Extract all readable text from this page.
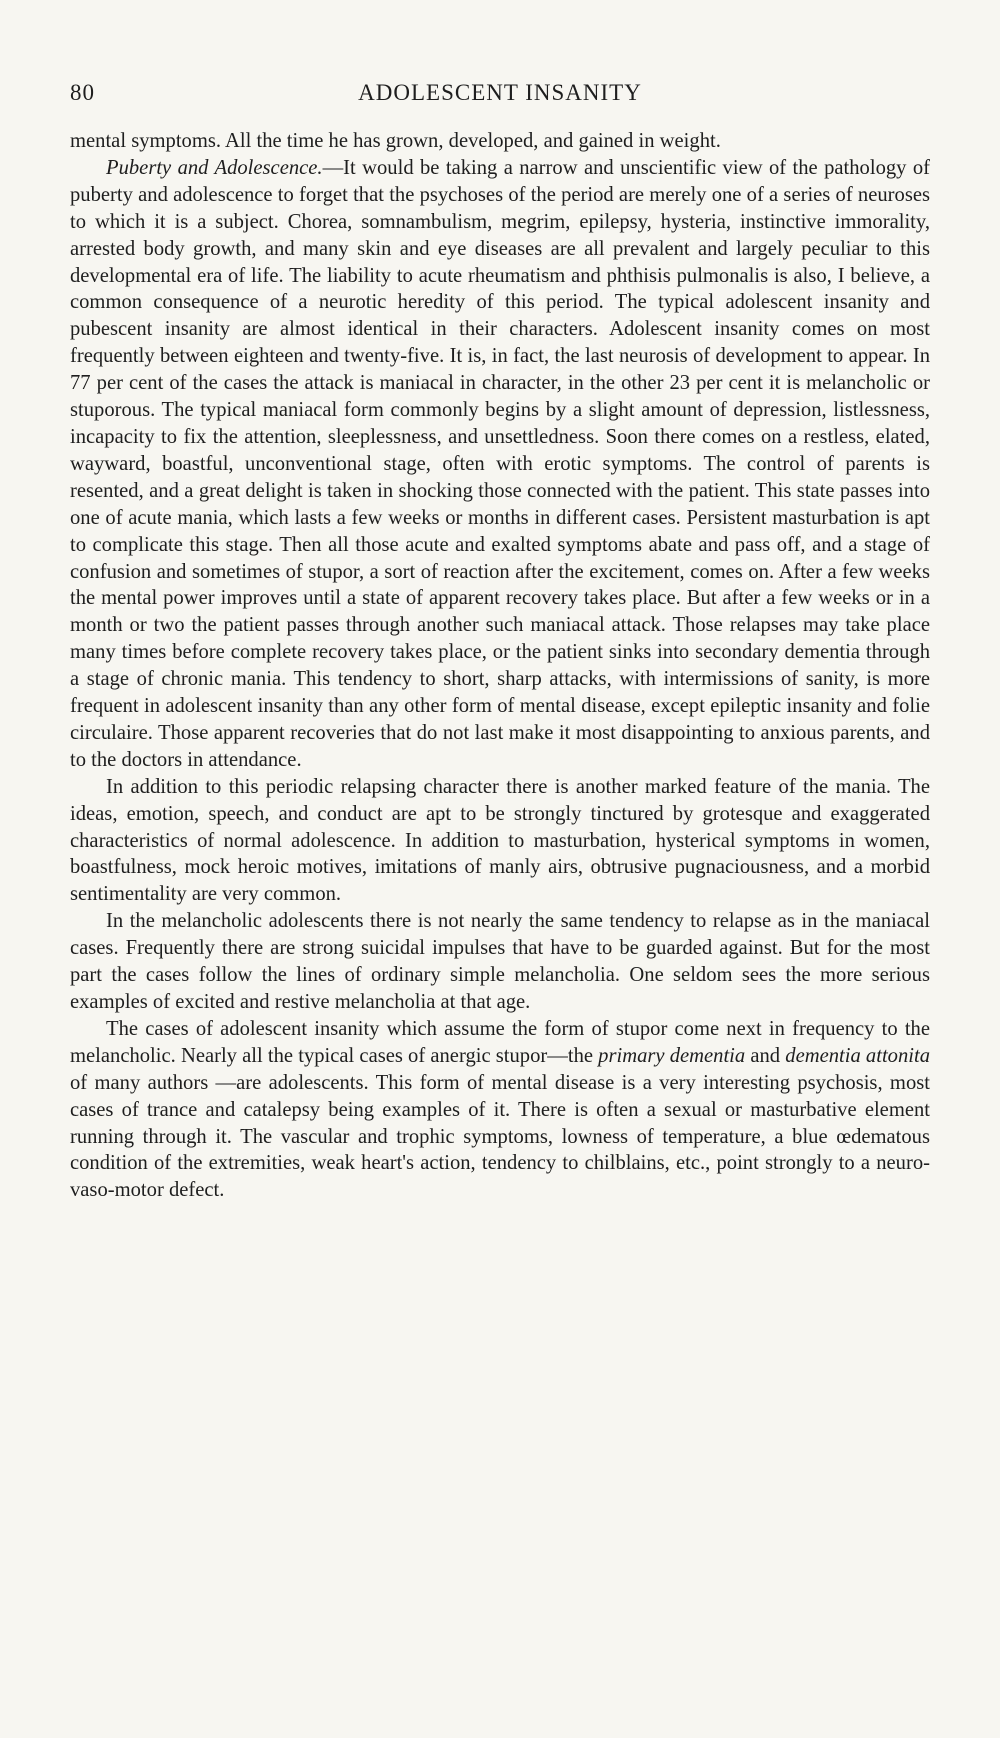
80	ADOLESCENT INSANITY

mental symptoms. All the time he has grown, developed, and gained in weight.

Puberty and Adolescence.—It would be taking a narrow and unscientific view of the pathology of puberty and adolescence to forget that the psychoses of the period are merely one of a series of neuroses to which it is a subject. Chorea, somnambulism, megrim, epilepsy, hysteria, instinctive immorality, arrested body growth, and many skin and eye diseases are all prevalent and largely peculiar to this developmental era of life. The liability to acute rheumatism and phthisis pulmonalis is also, I believe, a common consequence of a neurotic heredity of this period. The typical adolescent insanity and pubescent insanity are almost identical in their characters. Adolescent insanity comes on most frequently between eighteen and twenty-five. It is, in fact, the last neurosis of development to appear. In 77 per cent of the cases the attack is maniacal in character, in the other 23 per cent it is melancholic or stuporous. The typical maniacal form commonly begins by a slight amount of depression, listlessness, incapacity to fix the attention, sleeplessness, and unsettledness. Soon there comes on a restless, elated, wayward, boastful, unconventional stage, often with erotic symptoms. The control of parents is resented, and a great delight is taken in shocking those connected with the patient. This state passes into one of acute mania, which lasts a few weeks or months in different cases. Persistent masturbation is apt to complicate this stage. Then all those acute and exalted symptoms abate and pass off, and a stage of confusion and sometimes of stupor, a sort of reaction after the excitement, comes on. After a few weeks the mental power improves until a state of apparent recovery takes place. But after a few weeks or in a month or two the patient passes through another such maniacal attack. Those relapses may take place many times before complete recovery takes place, or the patient sinks into secondary dementia through a stage of chronic mania. This tendency to short, sharp attacks, with intermissions of sanity, is more frequent in adolescent insanity than any other form of mental disease, except epileptic insanity and folie circulaire. Those apparent recoveries that do not last make it most disappointing to anxious parents, and to the doctors in attendance.

In addition to this periodic relapsing character there is another marked feature of the mania. The ideas, emotion, speech, and conduct are apt to be strongly tinctured by grotesque and exaggerated characteristics of normal adolescence. In addition to masturbation, hysterical symptoms in women, boastfulness, mock heroic motives, imitations of manly airs, obtrusive pugnaciousness, and a morbid sentimentality are very common.

In the melancholic adolescents there is not nearly the same tendency to relapse as in the maniacal cases. Frequently there are strong suicidal impulses that have to be guarded against. But for the most part the cases follow the lines of ordinary simple melancholia. One seldom sees the more serious examples of excited and restive melancholia at that age.

The cases of adolescent insanity which assume the form of stupor come next in frequency to the melancholic. Nearly all the typical cases of anergic stupor—the primary dementia and dementia attonita of many authors —are adolescents. This form of mental disease is a very interesting psychosis, most cases of trance and catalepsy being examples of it. There is often a sexual or masturbative element running through it. The vascular and trophic symptoms, lowness of temperature, a blue œdematous condition of the extremities, weak heart's action, tendency to chilblains, etc., point strongly to a neuro-vaso-motor defect.
